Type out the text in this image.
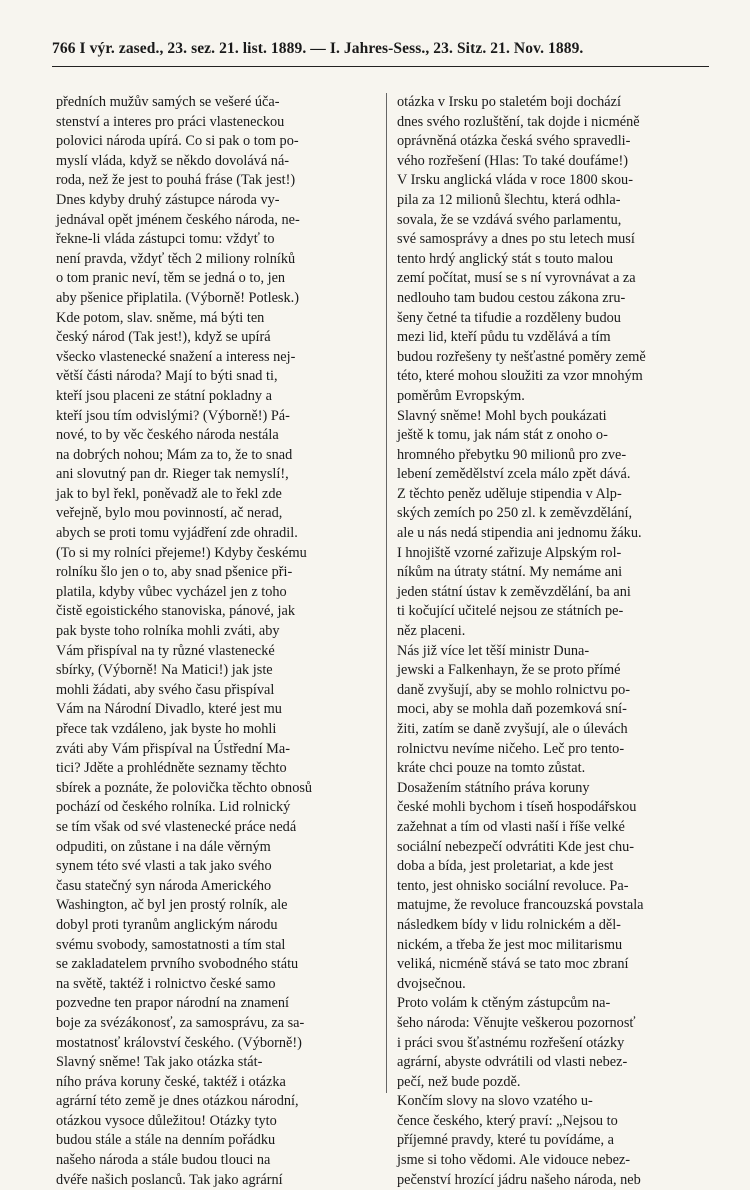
766 I výr. zased., 23. sez. 21. list. 1889. — I. Jahres-Sess., 23. Sitz. 21. Nov. 1889.
předních mužův samých se vešeré úča-
stenství a interes pro práci vlasteneckou
polovici národa upírá. Co si pak o tom po-
myslí vláda, když se někdo dovolává ná-
roda, než že jest to pouhá fráse (Tak jest!)
Dnes kdyby druhý zástupce národa vy-
jednával opět jménem českého národa, ne-
řekne-li vláda zástupci tomu: vždyť to
není pravda, vždyť těch 2 miliony rolníků
o tom pranic neví, těm se jedná o to, jen
aby pšenice připlatila. (Výborně! Potlesk.)
Kde potom, slav. sněme, má býti ten
český národ (Tak jest!), když se upírá
všecko vlastenecké snažení a interess nej-
větší části národa? Mají to býti snad ti,
kteří jsou placeni ze státní pokladny a
kteří jsou tím odvislými? (Výborně!) Pá-
nové, to by věc českého národa nestála
na dobrých nohou; Mám za to, že to snad
ani slovutný pan dr. Rieger tak nemyslí!,
jak to byl řekl, poněvadž ale to řekl zde
veřejně, bylo mou povinností, ač nerad,
abych se proti tomu vyjádření zde ohradil.
(To si my rolníci přejeme!) Kdyby českému
rolníku šlo jen o to, aby snad pšenice při-
platila, kdyby vůbec vycházel jen z toho
čistě egoistického stanoviska, pánové, jak
pak byste toho rolníka mohli zváti, aby
Vám přispíval na ty různé vlastenecké
sbírky, (Výborně! Na Matici!) jak jste
mohli žádati, aby svého času přispíval
Vám na Národní Divadlo, které jest mu
přece tak vzdáleno, jak byste ho mohli
zváti aby Vám přispíval na Ústřední Ma-
tici? Jděte a prohlédněte seznamy těchto
sbírek a poznáte, že polovička těchto obnosů
pochází od českého rolníka. Lid rolnický
se tím však od své vlastenecké práce nedá
odpuditi, on zůstane i na dále věrným
synem této své vlasti a tak jako svého
času statečný syn národa Amerického
Washington, ač byl jen prostý rolník, ale
dobyl proti tyranům anglickým národu
svému svobody, samostatnosti a tím stal
se zakladatelem prvního svobodného státu
na světě, taktéž i rolnictvo české samo
pozvedne ten prapor národní na znamení
boje za svézákonosť, za samosprávu, za sa-
mostatnosť království českého. (Výborně!)
Slavný sněme! Tak jako otázka stát-
ního práva koruny české, taktéž i otázka
agrární této země je dnes otázkou národní,
otázkou vysoce důležitou! Otázky tyto
budou stále a stále na denním pořádku
našeho národa a stále budou tlouci na
dvéře našich poslanců. Tak jako agrární
otázka v Irsku po staletém boji dochází
dnes svého rozluštění, tak dojde i nicméně
oprávněná otázka česká svého spravedli-
vého rozřešení (Hlas: To také doufáme!)
V Irsku anglická vláda v roce 1800 skou-
pila za 12 milionů šlechtu, která odhla-
sovala, že se vzdává svého parlamentu,
své samosprávy a dnes po stu letech musí
tento hrdý anglický stát s touto malou
zemí počítat, musí se s ní vyrovnávat a za
nedlouho tam budou cestou zákona zru-
šeny četné ta tifudie a rozděleny budou
mezi lid, kteří půdu tu vzdělává a tím
budou rozřešeny ty nešťastné poměry země
této, které mohou sloužiti za vzor mnohým
poměrům Evropským.
Slavný sněme! Mohl bych poukázati
ještě k tomu, jak nám stát z onoho o-
hromného přebytku 90 milionů pro zve-
lebení zemědělství zcela málo zpět dává.
Z těchto peněz uděluje stipendia v Alp-
ských zemích po 250 zl. k zeměvzdělání,
ale u nás nedá stipendia ani jednomu žáku.
I hnojiště vzorné zařizuje Alpským rol-
níkům na útraty státní. My nemáme ani
jeden státní ústav k zeměvzdělání, ba ani
ti kočující učitelé nejsou ze státních pe-
něz placeni.
Nás již více let těší ministr Duna-
jewski a Falkenhayn, že se proto přímé
daně zvyšují, aby se mohlo rolnictvu po-
moci, aby se mohla daň pozemková sní-
žiti, zatím se daně zvyšují, ale o úlevách
rolnictvu nevíme ničeho. Leč pro tento-
kráte chci pouze na tomto zůstat.
Dosažením státního práva koruny
české mohli bychom i tíseň hospodářskou
zažehnat a tím od vlasti naší i říše velké
sociální nebezpečí odvrátiti Kde jest chu-
doba a bída, jest proletariat, a kde jest
tento, jest ohnisko sociální revoluce. Pa-
matujme, že revoluce francouzská povstala
následkem bídy v lidu rolnickém a děl-
nickém, a třeba že jest moc militarismu
veliká, nicméně stává se tato moc zbraní
dvojsečnou.
Proto volám k ctěným zástupcům na-
šeho národa: Věnujte veškerou pozornosť
i práci svou šťastnému rozřešení otázky
agrární, abyste odvrátili od vlasti nebez-
pečí, než bude pozdě.
Končím slovy na slovo vzatého u-
čence českého, který praví: „Nejsou to
příjemné pravdy, které tu povídáme, a
jsme si toho vědomi. Ale vidouce nebez-
pečenství hrozící jádru našeho národa, neb
